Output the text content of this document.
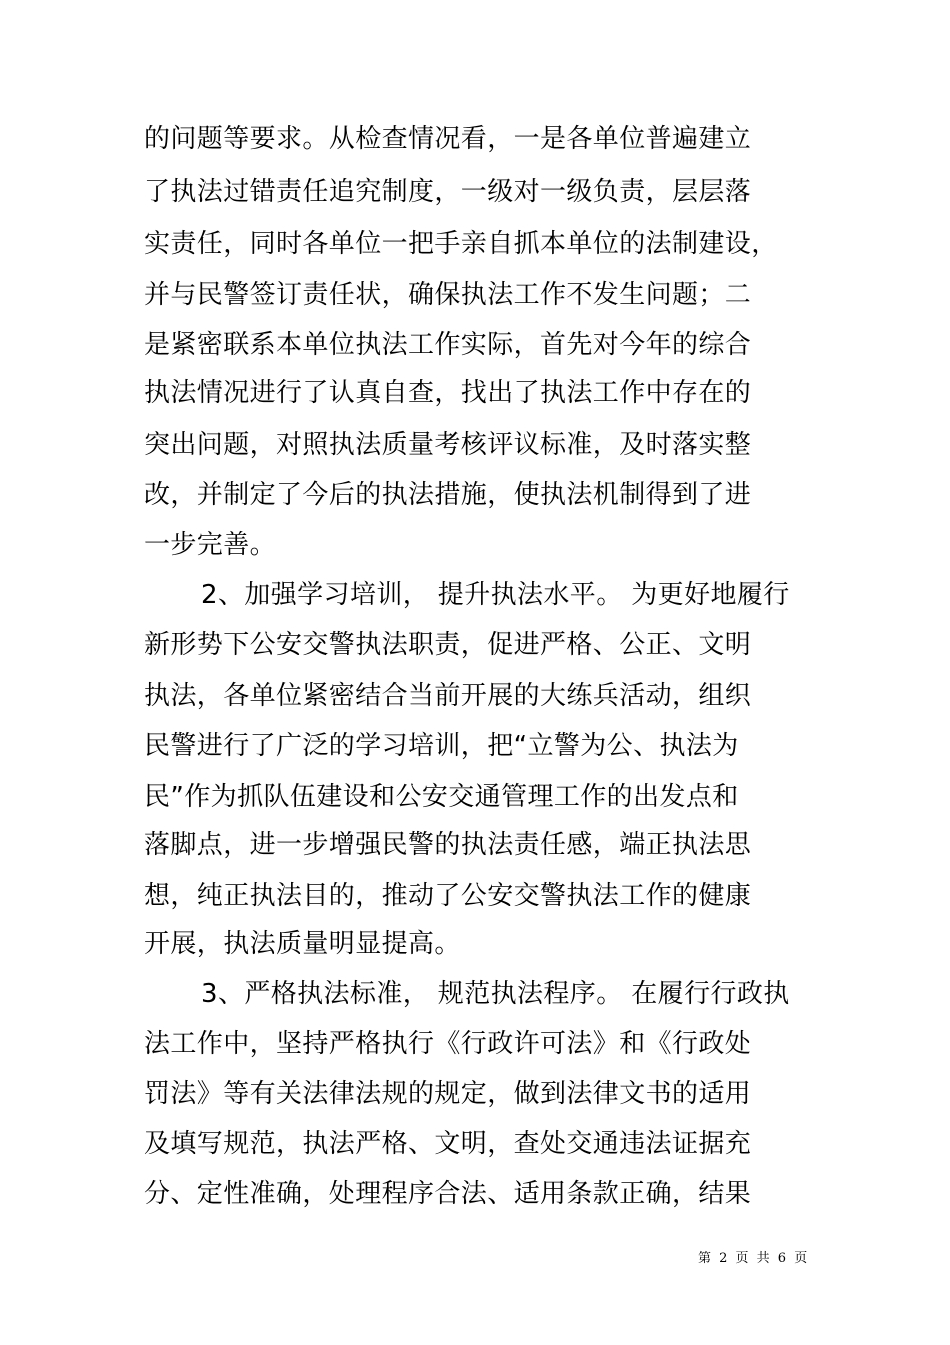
的问题等要求。从检查情况看，一是各单位普遍建立
了执法过错责任追究制度，一级对一级负责，层层落
实责任，同时各单位一把手亲自抓本单位的法制建设，
并与民警签订责任状，确保执法工作不发生问题；二
是紧密联系本单位执法工作实际，首先对今年的综合
执法情况进行了认真自查，找出了执法工作中存在的
突出问题，对照执法质量考核评议标准，及时落实整
改，并制定了今后的执法措施，使执法机制得到了进
一步完善。
2、加强学习培训， 提升执法水平。 为更好地履行
新形势下公安交警执法职责，促进严格、公正、文明
执法，各单位紧密结合当前开展的大练兵活动，组织
民警进行了广泛的学习培训，把“立警为公、执法为
民”作为抓队伍建设和公安交通管理工作的出发点和
落脚点，进一步增强民警的执法责任感，端正执法思
想，纯正执法目的，推动了公安交警执法工作的健康
开展，执法质量明显提高。
3、严格执法标准， 规范执法程序。 在履行行政执
法工作中，坚持严格执行《行政许可法》和《行政处
罚法》等有关法律法规的规定，做到法律文书的适用
及填写规范，执法严格、文明，查处交通违法证据充
分、定性准确，处理程序合法、适用条款正确，结果
第 2 页 共 6 页
